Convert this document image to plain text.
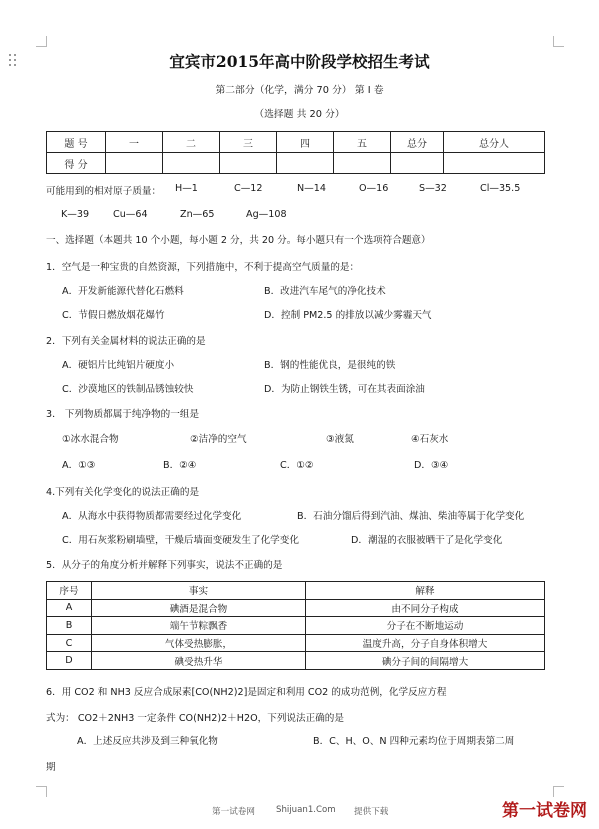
宜宾市2015年高中阶段学校招生考试
第二部分（化学，满分 70 分） 第 I 卷
（选择题 共 20 分）
题 号	一	二	三	四	五	总分	总分人
得 分							
可能用到的相对原子质量： H—1	C—12	N—14	O—16	S—32	Cl—35.5
K—39 Cu—64	Zn—65	Ag—108
一、选择题（本题共 10 个小题，每小题 2 分，共 20 分。每小题只有一个选项符合题意）
1．空气是一种宝贵的自然资源，下列措施中，不利于提高空气质量的是：
A．开发新能源代替化石燃料	B．改进汽车尾气的净化技术
C．节假日燃放烟花爆竹	D．控制 PM2.5 的排放以减少雾霾天气
2．下列有关金属材料的说法正确的是
A．硬铝片比纯铝片硬度小	B．钢的性能优良，是很纯的铁
C．沙漠地区的铁制品锈蚀较快	D．为防止钢铁生锈，可在其表面涂油
3． 下列物质都属于纯净物的一组是
①冰水混合物	②洁净的空气	③液氮	④石灰水
A．①③	B．②④	C．①②	D．③④
4.下列有关化学变化的说法正确的是
A．从海水中获得物质都需要经过化学变化	B．石油分馏后得到汽油、煤油、柴油等属于化学变化
C．用石灰浆粉刷墙壁，干燥后墙面变硬发生了化学变化	D．潮湿的衣服被晒干了是化学变化
5．从分子的角度分析并解释下列事实，说法不正确的是
序号	事实	解释
A	碘酒是混合物	由不同分子构成
B	端午节粽飘香	分子在不断地运动
C	气体受热膨胀，	温度升高，分子自身体积增大
D	碘受热升华	碘分子间的间隔增大
6．用 CO2 和 NH3 反应合成尿素[CO(NH2)2]是固定和利用 CO2 的成功范例，化学反应方程
式为： CO2＋2NH3 一定条件 CO(NH2)2＋H2O，下列说法正确的是
A．上述反应共涉及到三种氧化物	B．C、H、O、N 四种元素均位于周期表第二周
期
第一试卷网 Shijuan1.Com 提供下载	第一试卷网
